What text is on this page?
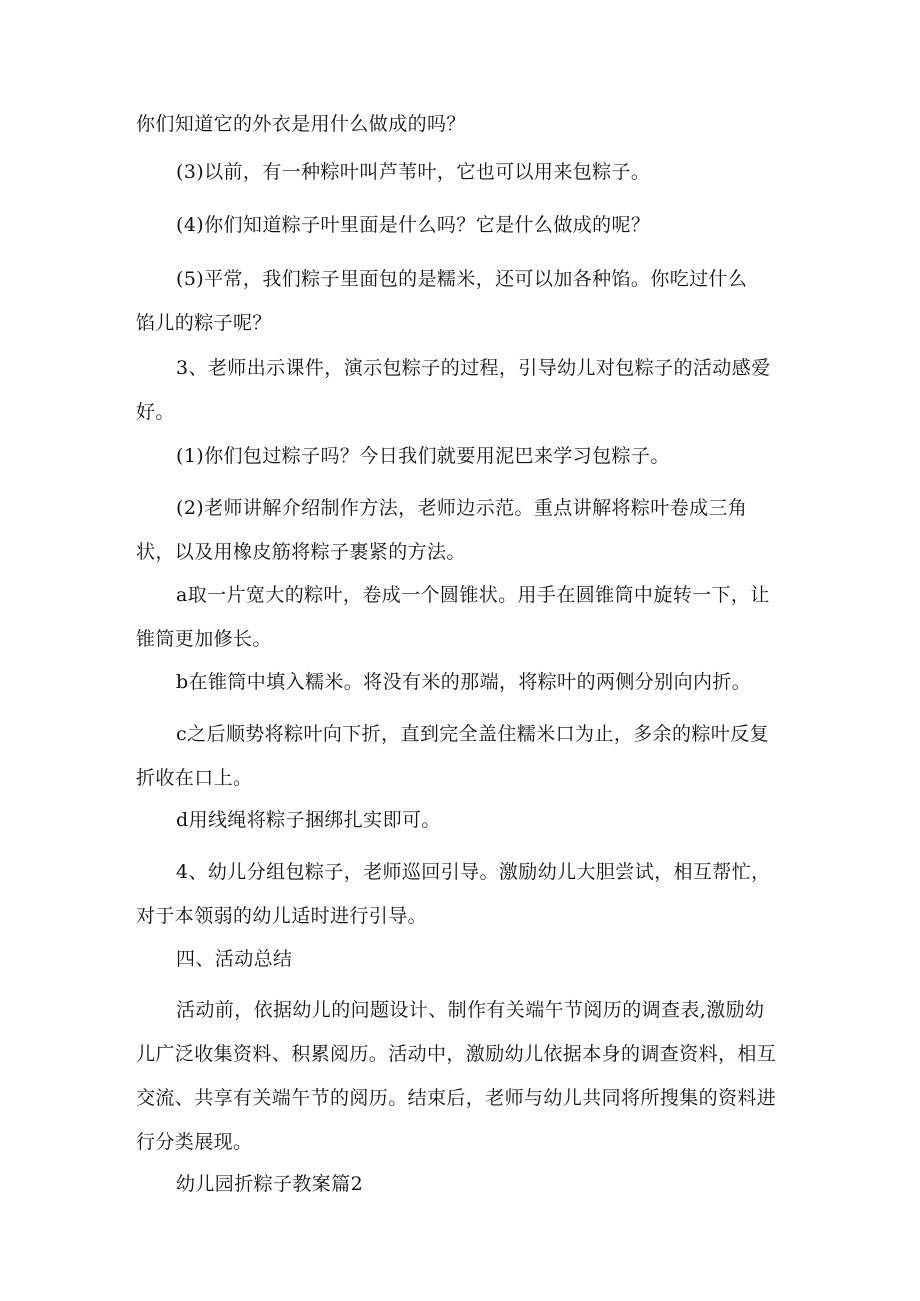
你们知道它的外衣是用什么做成的吗？

(3)以前，有一种粽叶叫芦苇叶，它也可以用来包粽子。

(4)你们知道粽子叶里面是什么吗？它是什么做成的呢？

(5)平常，我们粽子里面包的是糯米，还可以加各种馅。你吃过什么
馅儿的粽子呢？

3、老师出示课件，演示包粽子的过程，引导幼儿对包粽子的活动感爱
好。

(1)你们包过粽子吗？今日我们就要用泥巴来学习包粽子。

(2)老师讲解介绍制作方法，老师边示范。重点讲解将粽叶卷成三角
状，以及用橡皮筋将粽子裹紧的方法。

a取一片宽大的粽叶，卷成一个圆锥状。用手在圆锥筒中旋转一下，让
锥筒更加修长。

b在锥筒中填入糯米。将没有米的那端，将粽叶的两侧分别向内折。

c之后顺势将粽叶向下折，直到完全盖住糯米口为止，多余的粽叶反复
折收在口上。

d用线绳将粽子捆绑扎实即可。

4、幼儿分组包粽子，老师巡回引导。激励幼儿大胆尝试，相互帮忙，
对于本领弱的幼儿适时进行引导。

四、活动总结

活动前，依据幼儿的问题设计、制作有关端午节阅历的调查表,激励幼
儿广泛收集资料、积累阅历。活动中，激励幼儿依据本身的调查资料，相互
交流、共享有关端午节的阅历。结束后，老师与幼儿共同将所搜集的资料进
行分类展现。

幼儿园折粽子教案篇2
